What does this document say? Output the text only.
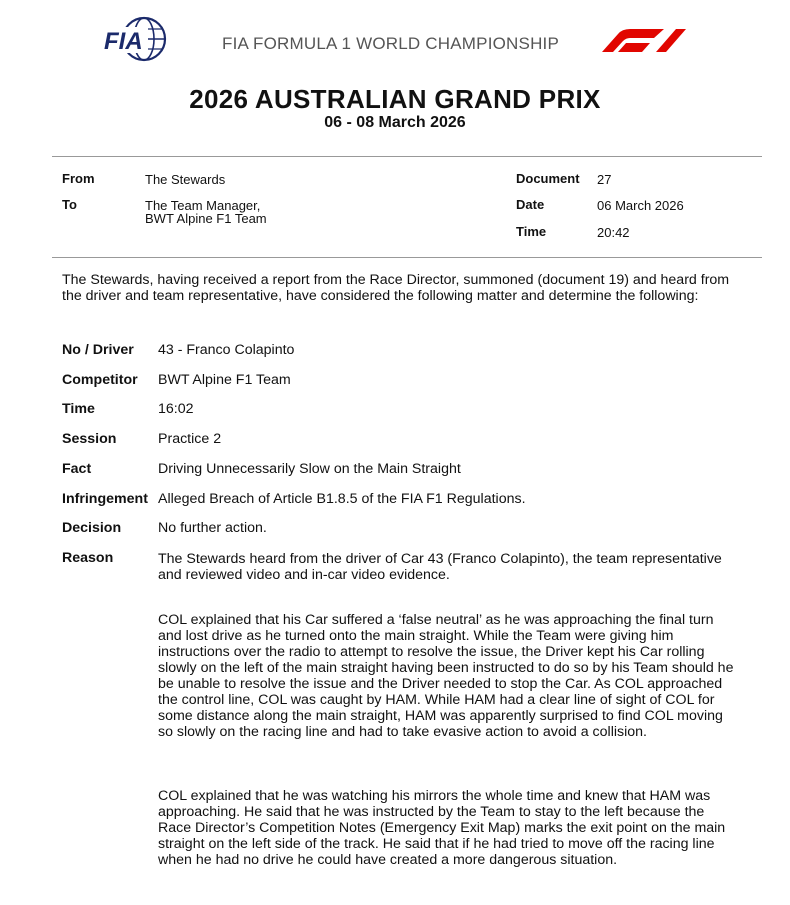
FIA	FIA FORMULA 1 WORLD CHAMPIONSHIP
2026 AUSTRALIAN GRAND PRIX
06 - 08 March 2026
From	The Stewards
To	The Team Manager,
BWT Alpine F1 Team
Document 27
Date	06 March 2026
Time	20:42
The Stewards, having received a report from the Race Director, summoned (document 19) and heard from the driver and team representative, have considered the following matter and determine the following:
No / Driver 43 - Franco Colapinto
Competitor BWT Alpine F1 Team
Time	16:02
Session	Practice 2
Fact	Driving Unnecessarily Slow on the Main Straight
Infringement Alleged Breach of Article B1.8.5 of the FIA F1 Regulations.
Decision	No further action.
Reason	The Stewards heard from the driver of Car 43 (Franco Colapinto), the team representative and reviewed video and in-car video evidence.
COL explained that his Car suffered a ‘false neutral’ as he was approaching the final turn and lost drive as he turned onto the main straight. While the Team were giving him instructions over the radio to attempt to resolve the issue, the Driver kept his Car rolling slowly on the left of the main straight having been instructed to do so by his Team should he be unable to resolve the issue and the Driver needed to stop the Car. As COL approached the control line, COL was caught by HAM. While HAM had a clear line of sight of COL for some distance along the main straight, HAM was apparently surprised to find COL moving so slowly on the racing line and had to take evasive action to avoid a collision.
COL explained that he was watching his mirrors the whole time and knew that HAM was approaching. He said that he was instructed by the Team to stay to the left because the Race Director’s Competition Notes (Emergency Exit Map) marks the exit point on the main straight on the left side of the track. He said that if he had tried to move off the racing line when he had no drive he could have created a more dangerous situation.
